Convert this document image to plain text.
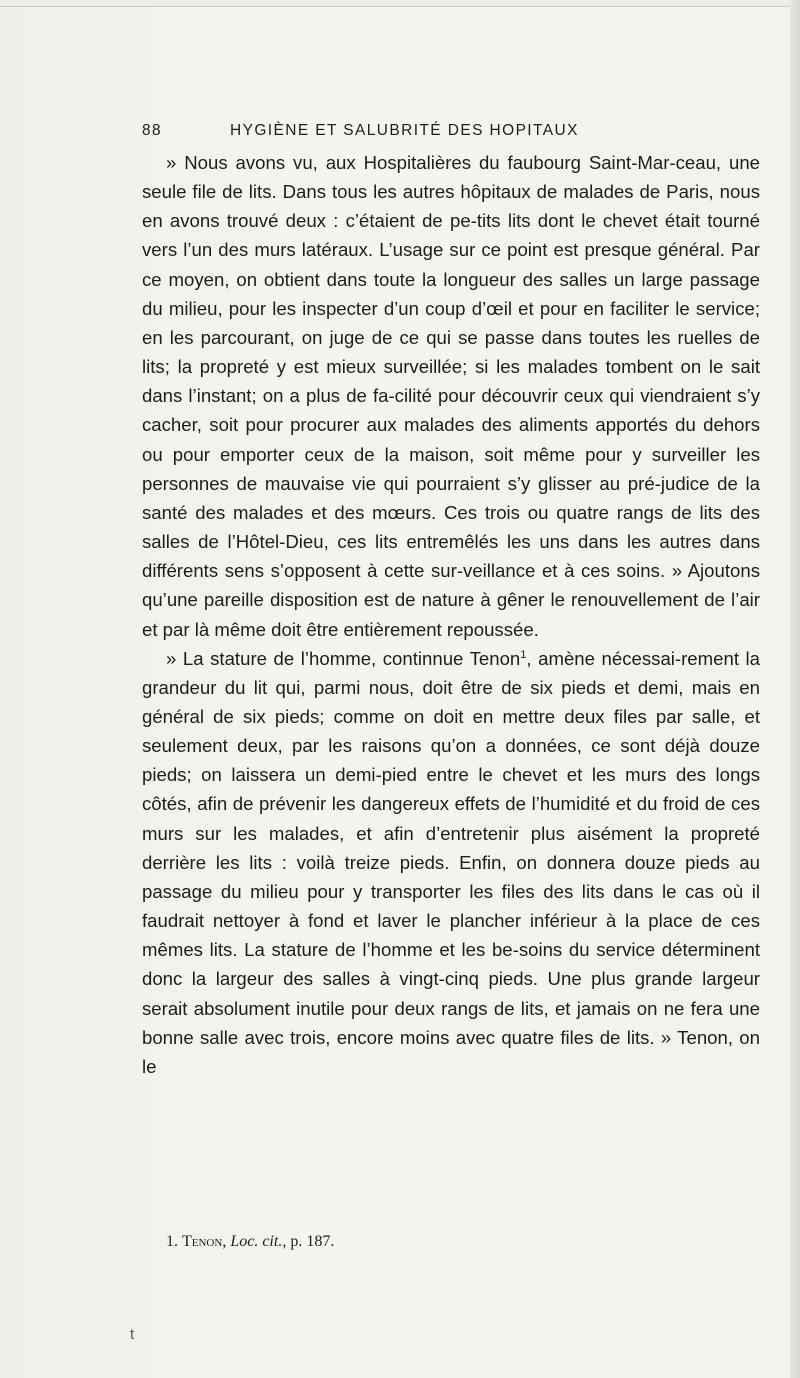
88	HYGIÈNE ET SALUBRITÉ DES HOPITAUX

» Nous avons vu, aux Hospitalières du faubourg Saint-Mar-ceau, une seule file de lits. Dans tous les autres hôpitaux de malades de Paris, nous en avons trouvé deux : c’étaient de pe-tits lits dont le chevet était tourné vers l’un des murs latéraux. L’usage sur ce point est presque général. Par ce moyen, on obtient dans toute la longueur des salles un large passage du milieu, pour les inspecter d’un coup d’œil et pour en faciliter le service; en les parcourant, on juge de ce qui se passe dans toutes les ruelles de lits; la propreté y est mieux surveillée; si les malades tombent on le sait dans l’instant; on a plus de fa-cilité pour découvrir ceux qui viendraient s’y cacher, soit pour procurer aux malades des aliments apportés du dehors ou pour emporter ceux de la maison, soit même pour y surveiller les personnes de mauvaise vie qui pourraient s’y glisser au pré-judice de la santé des malades et des mœurs. Ces trois ou quatre rangs de lits des salles de l’Hôtel-Dieu, ces lits entremêlés les uns dans les autres dans différents sens s’opposent à cette sur-veillance et à ces soins. » Ajoutons qu’une pareille disposition est de nature à gêner le renouvellement de l’air et par là même doit être entièrement repoussée.

» La stature de l’homme, continnue Tenon$^1$, amène nécessai-rement la grandeur du lit qui, parmi nous, doit être de six pieds et demi, mais en général de six pieds; comme on doit en mettre deux files par salle, et seulement deux, par les raisons qu’on a données, ce sont déjà douze pieds; on laissera un demi-pied entre le chevet et les murs des longs côtés, afin de prévenir les dangereux effets de l’humidité et du froid de ces murs sur les malades, et afin d’entretenir plus aisément la propreté derrière les lits : voilà treize pieds. Enfin, on donnera douze pieds au passage du milieu pour y transporter les files des lits dans le cas où il faudrait nettoyer à fond et laver le plancher inférieur à la place de ces mêmes lits. La stature de l’homme et les be-soins du service déterminent donc la largeur des salles à vingt-cinq pieds. Une plus grande largeur serait absolument inutile pour deux rangs de lits, et jamais on ne fera une bonne salle avec trois, encore moins avec quatre files de lits. » Tenon, on le

1. Tenon, Loc. cit., p. 187.
t
